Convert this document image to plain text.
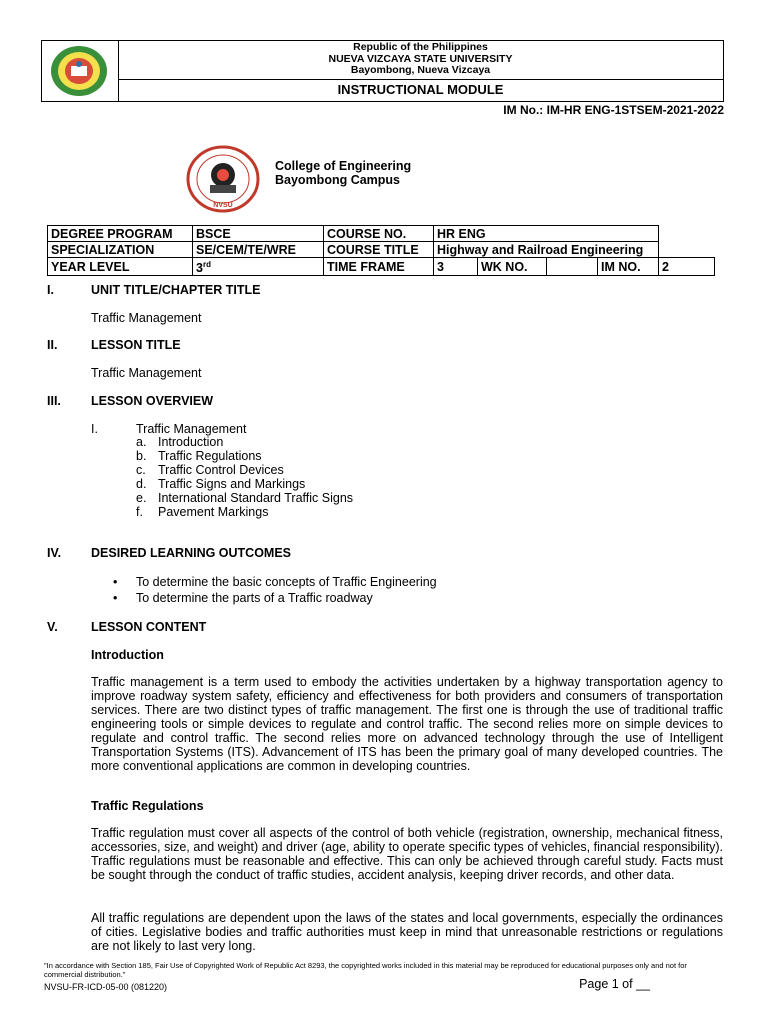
Republic of the Philippines
NUEVA VIZCAYA STATE UNIVERSITY
Bayombong, Nueva Vizcaya
INSTRUCTIONAL MODULE
IM No.: IM-HR ENG-1STSEM-2021-2022
NVSU
College of Engineering
Bayombong Campus
DEGREE PROGRAM	BSCE	COURSE NO.	HR ENG				
SPECIALIZATION	SE/CEM/TE/WRE	COURSE TITLE	Highway and Railroad Engineering				
YEAR LEVEL	3rd	TIME FRAME	3	WK NO.		IM NO.	2
I.	UNIT TITLE/CHAPTER TITLE
Traffic Management
II.	LESSON TITLE
Traffic Management
III. LESSON OVERVIEW
I.	Traffic Management
a. Introduction
b. Traffic Regulations
c. Traffic Control Devices
d. Traffic Signs and Markings
e. International Standard Traffic Signs
f. Pavement Markings
IV. DESIRED LEARNING OUTCOMES
• To determine the basic concepts of Traffic Engineering
• To determine the parts of a Traffic roadway
V.	LESSON CONTENT
Introduction
Traffic management is a term used to embody the activities undertaken by a highway transportation agency to improve roadway system safety, efficiency and effectiveness for both providers and consumers of transportation services. There are two distinct types of traffic management. The first one is through the use of traditional traffic engineering tools or simple devices to regulate and control traffic. The second relies more on simple devices to regulate and control traffic. The second relies more on advanced technology through the use of Intelligent Transportation Systems (ITS). Advancement of ITS has been the primary goal of many developed countries. The more conventional applications are common in developing countries.
Traffic Regulations
Traffic regulation must cover all aspects of the control of both vehicle (registration, ownership, mechanical fitness, accessories, size, and weight) and driver (age, ability to operate specific types of vehicles, financial responsibility). Traffic regulations must be reasonable and effective. This can only be achieved through careful study. Facts must be sought through the conduct of traffic studies, accident analysis, keeping driver records, and other data.
All traffic regulations are dependent upon the laws of the states and local governments, especially the ordinances of cities. Legislative bodies and traffic authorities must keep in mind that unreasonable restrictions or regulations are not likely to last very long.
"In accordance with Section 185, Fair Use of Copyrighted Work of Republic Act 8293, the copyrighted works included in this material may be reproduced for educational purposes only and not for commercial distribution."
NVSU-FR-ICD-05-00 (081220)	Page 1 of __
